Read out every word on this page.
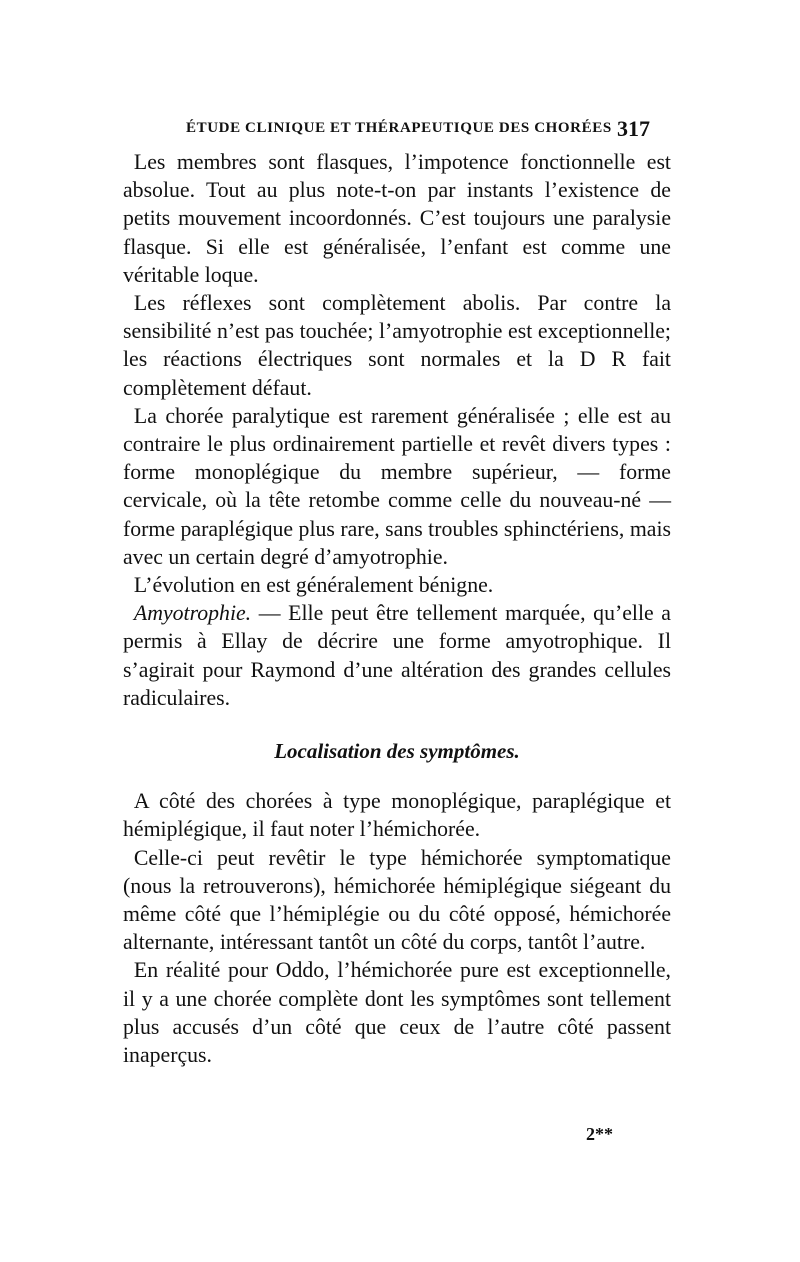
ÉTUDE CLINIQUE ET THÉRAPEUTIQUE DES CHORÉES 317

Les membres sont flasques, l’impotence fonctionnelle est absolue. Tout au plus note-t-on par instants l’existence de petits mouvement incoordonnés. C’est toujours une paralysie flasque. Si elle est généralisée, l’enfant est comme une véritable loque.

Les réflexes sont complètement abolis. Par contre la sensibilité n’est pas touchée; l’amyotrophie est exceptionnelle; les réactions électriques sont normales et la D R fait complètement défaut.

La chorée paralytique est rarement généralisée ; elle est au contraire le plus ordinairement partielle et revêt divers types : forme monoplégique du membre supérieur, — forme cervicale, où la tête retombe comme celle du nouveau-né — forme paraplégique plus rare, sans troubles sphinctériens, mais avec un certain degré d’amyotrophie.

L’évolution en est généralement bénigne.

Amyotrophie. — Elle peut être tellement marquée, qu’elle a permis à Ellay de décrire une forme amyotrophique. Il s’agirait pour Raymond d’une altération des grandes cellules radiculaires.

Localisation des symptômes.

A côté des chorées à type monoplégique, paraplégique et hémiplégique, il faut noter l’hémichorée.

Celle-ci peut revêtir le type hémichorée symptomatique (nous la retrouverons), hémichorée hémiplégique siégeant du même côté que l’hémiplégie ou du côté opposé, hémichorée alternante, intéressant tantôt un côté du corps, tantôt l’autre.

En réalité pour Oddo, l’hémichorée pure est exceptionnelle, il y a une chorée complète dont les symptômes sont tellement plus accusés d’un côté que ceux de l’autre côté passent inaperçus.

2**
